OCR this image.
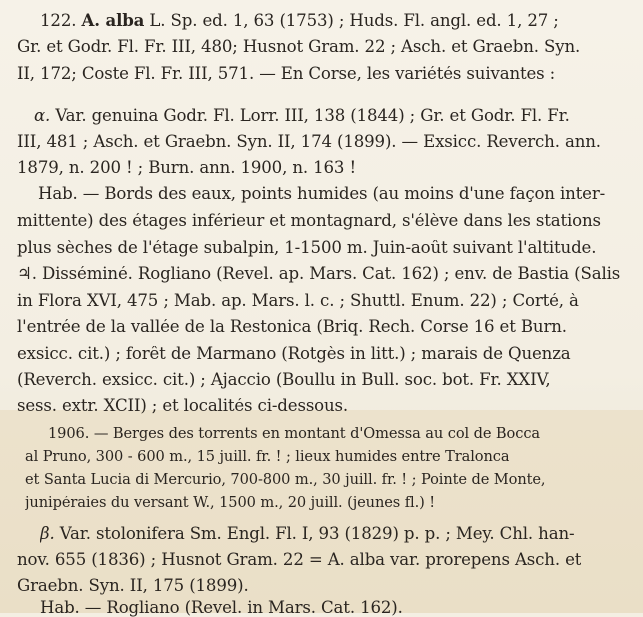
122. A. alba L. Sp. ed. 1, 63 (1753) ; Huds. Fl. angl. ed. 1, 27 ;
Gr. et Godr. Fl. Fr. III, 480; Husnot Gram. 22 ; Asch. et Graebn. Syn.
II, 172; Coste Fl. Fr. III, 571. — En Corse, les variétés suivantes :
α. Var. genuina Godr. Fl. Lorr. III, 138 (1844) ; Gr. et Godr. Fl. Fr.
III, 481 ; Asch. et Graebn. Syn. II, 174 (1899). — Exsicc. Reverch. ann.
1879, n. 200 ! ; Burn. ann. 1900, n. 163 !
Hab. — Bords des eaux, points humides (au moins d'une façon inter-
mittente) des étages inférieur et montagnard, s'élève dans les stations
plus sèches de l'étage subalpin, 1-1500 m. Juin-août suivant l'altitude.
♃. Disséminé. Rogliano (Revel. ap. Mars. Cat. 162) ; env. de Bastia (Salis
in Flora XVI, 475 ; Mab. ap. Mars. l. c. ; Shuttl. Enum. 22) ; Corté, à
l'entrée de la vallée de la Restonica (Briq. Rech. Corse 16 et Burn.
exsicc. cit.) ; forêt de Marmano (Rotgès in litt.) ; marais de Quenza
(Reverch. exsicc. cit.) ; Ajaccio (Boullu in Bull. soc. bot. Fr. XXIV,
sess. extr. XCII) ; et localités ci-dessous.
1906. — Berges des torrents en montant d'Omessa au col de Bocca
al Pruno, 300 - 600 m., 15 juill. fr. ! ; lieux humides entre Tralonca
et Santa Lucia di Mercurio, 700-800 m., 30 juill. fr. ! ; Pointe de Monte,
junipéraies du versant W., 1500 m., 20 juill. (jeunes fl.) !
β. Var. stolonifera Sm. Engl. Fl. I, 93 (1829) p. p. ; Mey. Chl. han-
nov. 655 (1836) ; Husnot Gram. 22 = A. alba var. prorepens Asch. et
Graebn. Syn. II, 175 (1899).
Hab. — Rogliano (Revel. in Mars. Cat. 162).
